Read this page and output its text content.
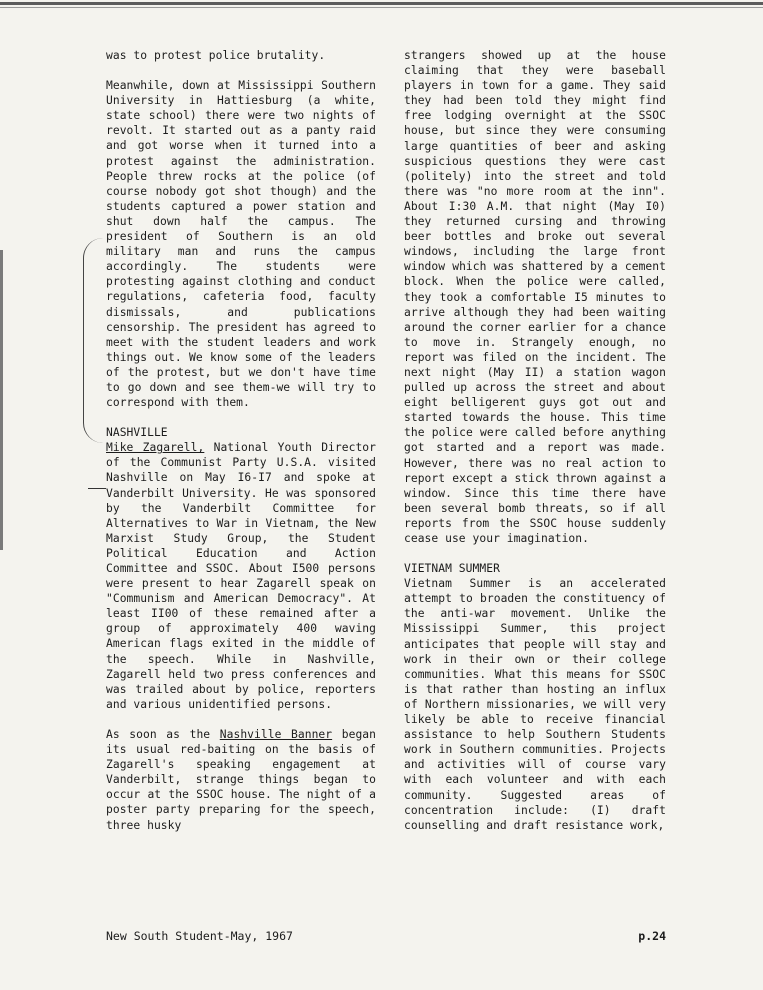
was to protest police brutality.

Meanwhile, down at Mississippi Southern University in Hattiesburg (a white, state school) there were two nights of revolt. It started out as a panty raid and got worse when it turned into a protest against the administration. People threw rocks at the police (of course nobody got shot though) and the students captured a power station and shut down half the campus. The president of Southern is an old military man and runs the campus accordingly. The students were protesting against clothing and conduct regulations, cafeteria food, faculty dismissals, and publications censorship. The president has agreed to meet with the student leaders and work things out. We know some of the leaders of the protest, but we don't have time to go down and see them-we will try to correspond with them.

NASHVILLE

Mike Zagarell, National Youth Director of the Communist Party U.S.A. visited Nashville on May I6-I7 and spoke at Vanderbilt University. He was sponsored by the Vanderbilt Committee for Alternatives to War in Vietnam, the New Marxist Study Group, the Student Political Education and Action Committee and SSOC. About I500 persons were present to hear Zagarell speak on "Communism and American Democracy". At least II00 of these remained after a group of approximately 400 waving American flags exited in the middle of the speech. While in Nashville, Zagarell held two press conferences and was trailed about by police, reporters and various unidentified persons.

As soon as the Nashville Banner began its usual red-baiting on the basis of Zagarell's speaking engagement at Vanderbilt, strange things began to occur at the SSOC house. The night of a poster party preparing for the speech, three husky

strangers showed up at the house claiming that they were baseball players in town for a game. They said they had been told they might find free lodging overnight at the SSOC house, but since they were consuming large quantities of beer and asking suspicious questions they were cast (politely) into the street and told there was "no more room at the inn". About I:30 A.M. that night (May I0) they returned cursing and throwing beer bottles and broke out several windows, including the large front window which was shattered by a cement block. When the police were called, they took a comfortable I5 minutes to arrive although they had been waiting around the corner earlier for a chance to move in. Strangely enough, no report was filed on the incident. The next night (May II) a station wagon pulled up across the street and about eight belligerent guys got out and started towards the house. This time the police were called before anything got started and a report was made. However, there was no real action to report except a stick thrown against a window. Since this time there have been several bomb threats, so if all reports from the SSOC house suddenly cease use your imagination.

VIETNAM SUMMER

Vietnam Summer is an accelerated attempt to broaden the constituency of the anti-war movement. Unlike the Mississippi Summer, this project anticipates that people will stay and work in their own or their college communities. What this means for SSOC is that rather than hosting an influx of Northern missionaries, we will very likely be able to receive financial assistance to help Southern Students work in Southern communities. Projects and activities will of course vary with each volunteer and with each community. Suggested areas of concentration include: (I) draft counselling and draft resistance work,

New South Student-May, 1967	p.24
